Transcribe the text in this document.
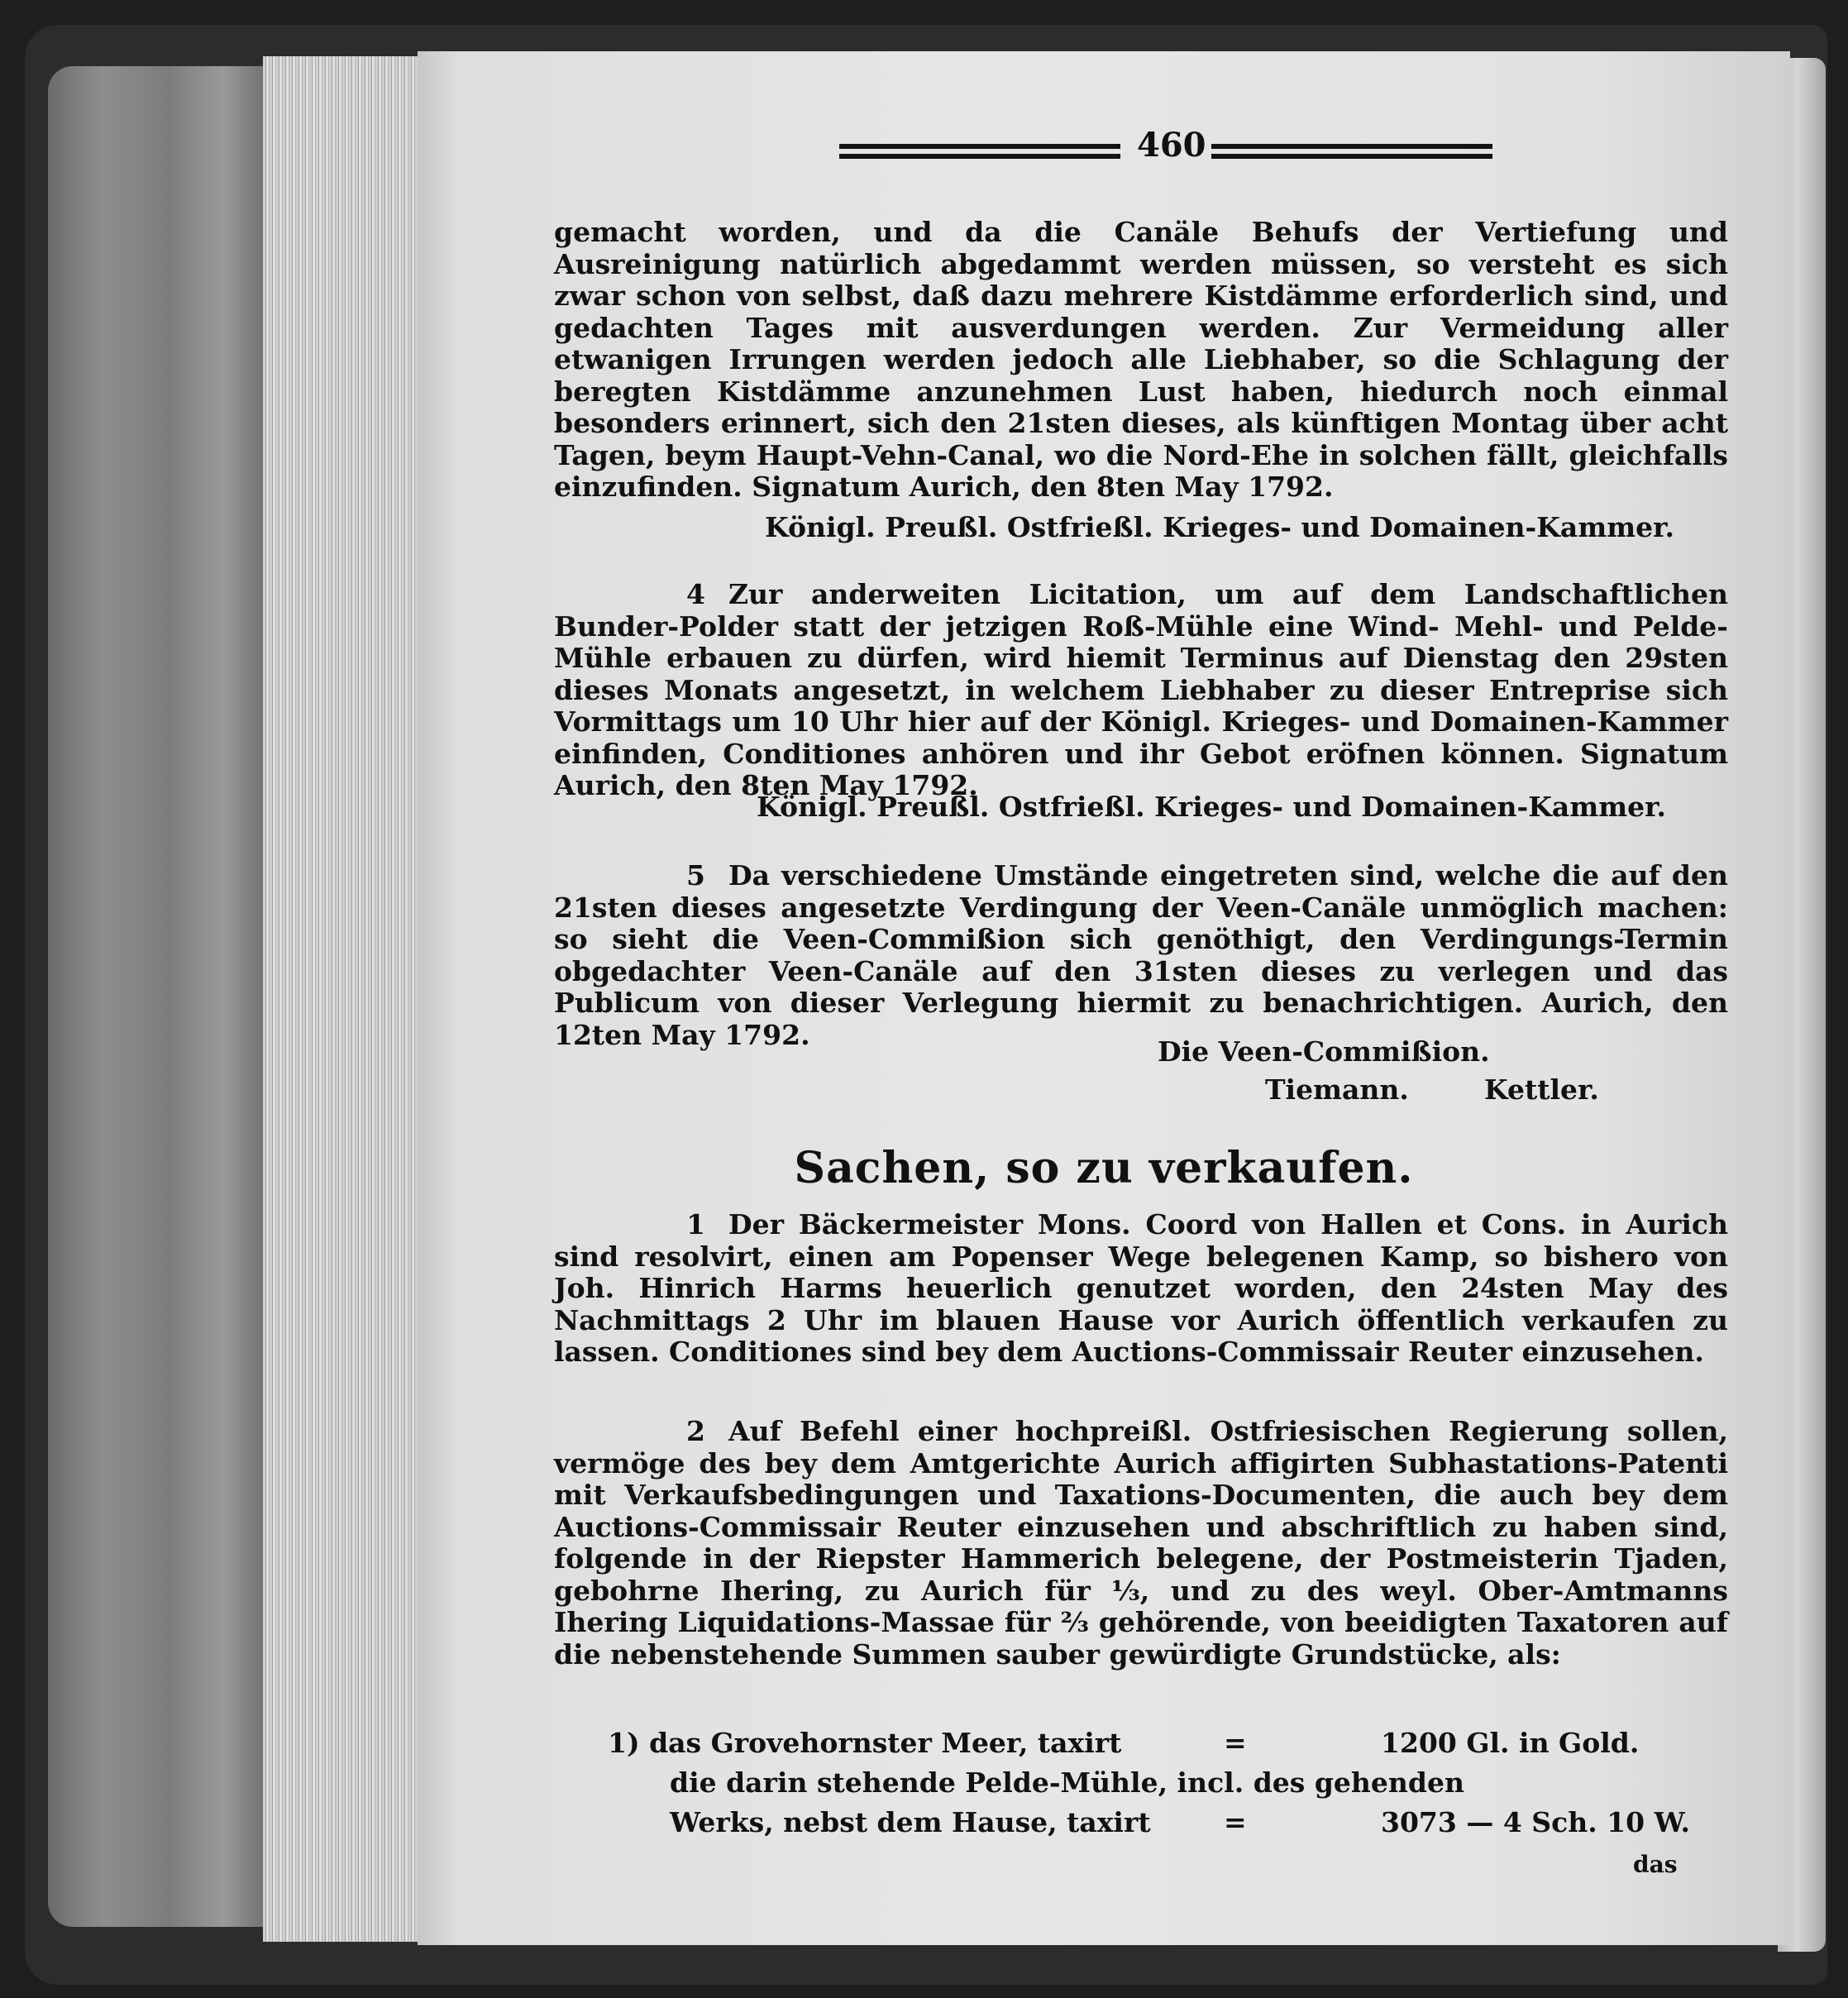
460

gemacht worden, und da die Canäle Behufs der Vertiefung und Ausreinigung natürlich abgedammt werden müssen, so versteht es sich zwar schon von selbst, daß dazu mehrere Kistdämme erforderlich sind, und gedachten Tages mit ausverdungen werden. Zur Vermeidung aller etwanigen Irrungen werden jedoch alle Liebhaber, so die Schlagung der beregten Kistdämme anzunehmen Lust haben, hiedurch noch einmal besonders erinnert, sich den 21sten dieses, als künftigen Montag über acht Tagen, beym Haupt-Vehn-Canal, wo die Nord-Ehe in solchen fällt, gleichfalls einzufinden. Signatum Aurich, den 8ten May 1792.

Königl. Preußl. Ostfrießl. Krieges- und Domainen-Kammer.

4 Zur anderweiten Licitation, um auf dem Landschaftlichen Bunder-Polder statt der jetzigen Roß-Mühle eine Wind- Mehl- und Pelde-Mühle erbauen zu dürfen, wird hiemit Terminus auf Dienstag den 29sten dieses Monats angesetzt, in welchem Liebhaber zu dieser Entreprise sich Vormittags um 10 Uhr hier auf der Königl. Krieges- und Domainen-Kammer einfinden, Conditiones anhören und ihr Gebot eröfnen können. Signatum Aurich, den 8ten May 1792.

Königl. Preußl. Ostfrießl. Krieges- und Domainen-Kammer.

5 Da verschiedene Umstände eingetreten sind, welche die auf den 21sten dieses angesetzte Verdingung der Veen-Canäle unmöglich machen: so sieht die Veen-Commißion sich genöthigt, den Verdingungs-Termin obgedachter Veen-Canäle auf den 31sten dieses zu verlegen und das Publicum von dieser Verlegung hiermit zu benachrichtigen. Aurich, den 12ten May 1792.

Die Veen-Commißion.
Tiemann.	Kettler.
Sachen, so zu verkaufen.

1 Der Bäckermeister Mons. Coord von Hallen et Cons. in Aurich sind resolvirt, einen am Popenser Wege belegenen Kamp, so bishero von Joh. Hinrich Harms heuerlich genutzet worden, den 24sten May des Nachmittags 2 Uhr im blauen Hause vor Aurich öffentlich verkaufen zu lassen. Conditiones sind bey dem Auctions-Commissair Reuter einzusehen.

2 Auf Befehl einer hochpreißl. Ostfriesischen Regierung sollen, vermöge des bey dem Amtgerichte Aurich affigirten Subhastations-Patenti mit Verkaufsbedingungen und Taxations-Documenten, die auch bey dem Auctions-Commissair Reuter einzusehen und abschriftlich zu haben sind, folgende in der Riepster Hammerich belegene, der Postmeisterin Tjaden, gebohrne Ihering, zu Aurich für ⅓, und zu des weyl. Ober-Amtmanns Ihering Liquidations-Massae für ⅔ gehörende, von beeidigten Taxatoren auf die nebenstehende Summen sauber gewürdigte Grundstücke, als:

1) das Grovehornster Meer, taxirt	=	1200 Gl. in Gold.
die darin stehende Pelde-Mühle, incl. des gehenden
Werks, nebst dem Hause, taxirt	=	3073 — 4 Sch. 10 W.
das
